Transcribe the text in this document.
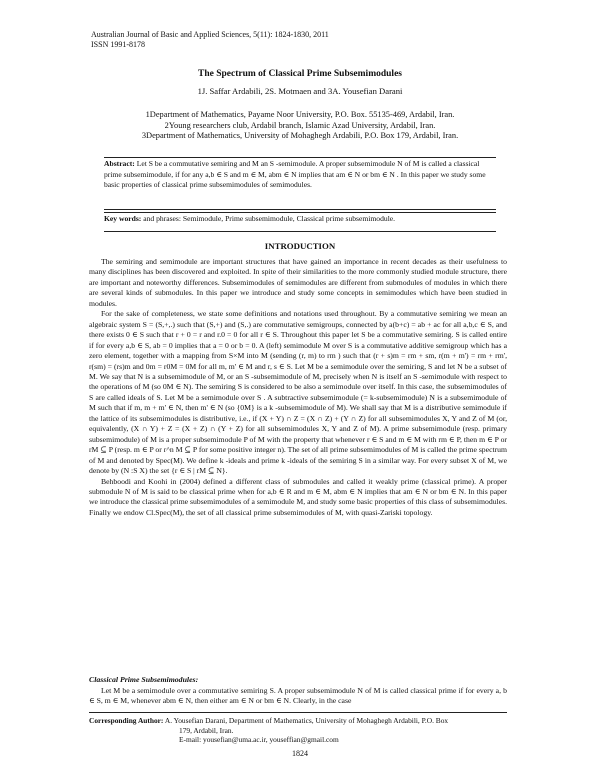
Australian Journal of Basic and Applied Sciences, 5(11): 1824-1830, 2011
ISSN 1991-8178
The Spectrum of Classical Prime Subsemimodules
1J. Saffar Ardabili, 2S. Motmaen and 3A. Yousefian Darani
1Department of Mathematics, Payame Noor University, P.O. Box. 55135-469, Ardabil, Iran.
2Young researchers club, Ardabil branch, Islamic Azad University, Ardabil, Iran.
3Department of Mathematics, University of Mohaghegh Ardabili, P.O. Box 179, Ardabil, Iran.
Abstract: Let S be a commutative semiring and M an S -semimodule. A proper subsemimodule N of M is called a classical prime subsemimodule, if for any a,b ∈ S and m ∈ M, abm ∈ N implies that am ∈ N or bm ∈ N . In this paper we study some basic properties of classical prime subsemimodules of semimodules.
Key words: and phrases: Semimodule, Prime subsemimodule, Classical prime subsemimodule.
INTRODUCTION

The semiring and semimodule are important structures that have gained an importance in recent decades as their usefulness to many disciplines has been discovered and exploited. In spite of their similarities to the more commonly studied module structure, there are important and noteworthy differences. Subsemimodules of semimodules are different from submodules of modules in which there are several kinds of submodules. In this paper we introduce and study some concepts in semimodules which have been studied in modules.

For the sake of completeness, we state some definitions and notations used throughout. By a commutative semiring we mean an algebraic system S = (S,+,.) such that (S,+) and (S,.) are commutative semigroups, connected by a(b+c) = ab + ac for all a,b,c ∈ S, and there exists 0 ∈ S such that r + 0 = r and r.0 = 0 for all r ∈ S. Throughout this paper let S be a commutative semiring. S is called entire if for every a,b ∈ S, ab = 0 implies that a = 0 or b = 0. A (left) semimodule M over S is a commutative additive semigroup which has a zero element, together with a mapping from S×M into M (sending (r, m) to rm ) such that (r + s)m = rm + sm, r(m + m') = rm + rm', r(sm) = (rs)m and 0m = r0M = 0M for all m, m' ∈ M and r, s ∈ S. Let M be a semimodule over the semiring, S and let N be a subset of M. We say that N is a subsemimodule of M, or an S -subsemimodule of M, precisely when N is itself an S -semimodule with respect to the operations of M (so 0M ∈ N). The semiring S is considered to be also a semimodule over itself. In this case, the subsemimodules of S are called ideals of S. Let M be a semimodule over S . A subtractive subsemimodule (= k-subsemimodule) N is a subsemimodule of M such that if m, m + m' ∈ N, then m' ∈ N (so {0M} is a k -subsemimodule of M). We shall say that M is a distributive semimodule if the lattice of its subsemimodules is distributive, i.e., if (X + Y) ∩ Z = (X ∩ Z) + (Y ∩ Z) for all subsemimodules X, Y and Z of M (or, equivalently, (X ∩ Y) + Z = (X + Z) ∩ (Y + Z) for all subsemimodules X, Y and Z of M). A prime subsemimodule (resp. primary subsemimodule) of M is a proper subsemimodule P of M with the property that whenever r ∈ S and m ∈ M with rm ∈ P, then m ∈ P or rM ⊆ P (resp. m ∈ P or r^n M ⊆ P for some positive integer n). The set of all prime subsemimodules of M is called the prime spectrum of M and denoted by Spec(M). We define k -ideals and prime k -ideals of the semiring S in a similar way. For every subset X of M, we denote by (N :S X) the set {r ∈ S | rM ⊆ N}.

Behboodi and Koohi in (2004) defined a different class of submodules and called it weakly prime (classical prime). A proper submodule N of M is said to be classical prime when for a,b ∈ R and m ∈ M, abm ∈ N implies that am ∈ N or bm ∈ N. In this paper we introduce the classical prime subsemimodules of a semimodule M, and study some basic properties of this class of subsemimodules. Finally we endow Cl.Spec(M), the set of all classical prime subsemimodules of M, with quasi-Zariski topology.

Classical Prime Subsemimodules:

Let M be a semimodule over a commutative semiring S. A proper subsemimodule N of M is called classical prime if for every a, b ∈ S, m ∈ M, whenever abm ∈ N, then either am ∈ N or bm ∈ N. Clearly, in the case

Corresponding Author: A. Yousefian Darani, Department of Mathematics, University of Mohaghegh Ardabili, P.O. Box
179, Ardabil, Iran.
E-mail: yousefian@uma.ac.ir, youseffian@gmail.com
1824
